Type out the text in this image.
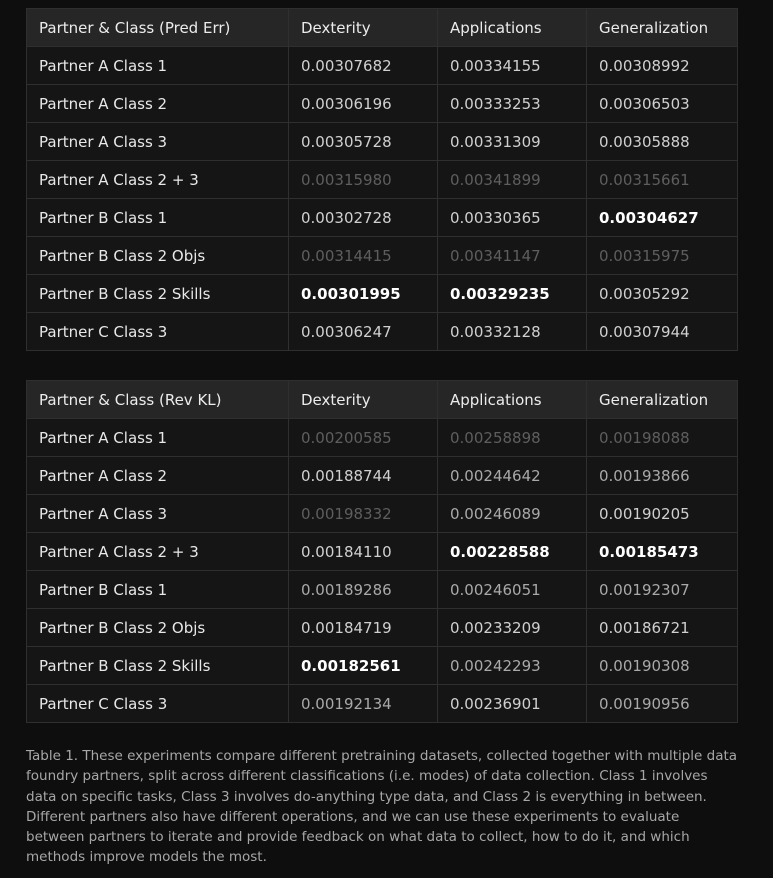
Partner & Class (Pred Err)	Dexterity	Applications	Generalization
Partner A Class 1	0.00307682	0.00334155	0.00308992
Partner A Class 2	0.00306196	0.00333253	0.00306503
Partner A Class 3	0.00305728	0.00331309	0.00305888
Partner A Class 2 + 3	0.00315980	0.00341899	0.00315661
Partner B Class 1	0.00302728	0.00330365	0.00304627
Partner B Class 2 Objs	0.00314415	0.00341147	0.00315975
Partner B Class 2 Skills	0.00301995	0.00329235	0.00305292
Partner C Class 3	0.00306247	0.00332128	0.00307944
Partner & Class (Rev KL)	Dexterity	Applications	Generalization
Partner A Class 1	0.00200585	0.00258898	0.00198088
Partner A Class 2	0.00188744	0.00244642	0.00193866
Partner A Class 3	0.00198332	0.00246089	0.00190205
Partner A Class 2 + 3	0.00184110	0.00228588	0.00185473
Partner B Class 1	0.00189286	0.00246051	0.00192307
Partner B Class 2 Objs	0.00184719	0.00233209	0.00186721
Partner B Class 2 Skills	0.00182561	0.00242293	0.00190308
Partner C Class 3	0.00192134	0.00236901	0.00190956

Table 1. These experiments compare different pretraining datasets, collected together with multiple data foundry partners, split across different classifications (i.e. modes) of data collection. Class 1 involves data on specific tasks, Class 3 involves do-anything type data, and Class 2 is everything in between. Different partners also have different operations, and we can use these experiments to evaluate between partners to iterate and provide feedback on what data to collect, how to do it, and which methods improve models the most.
